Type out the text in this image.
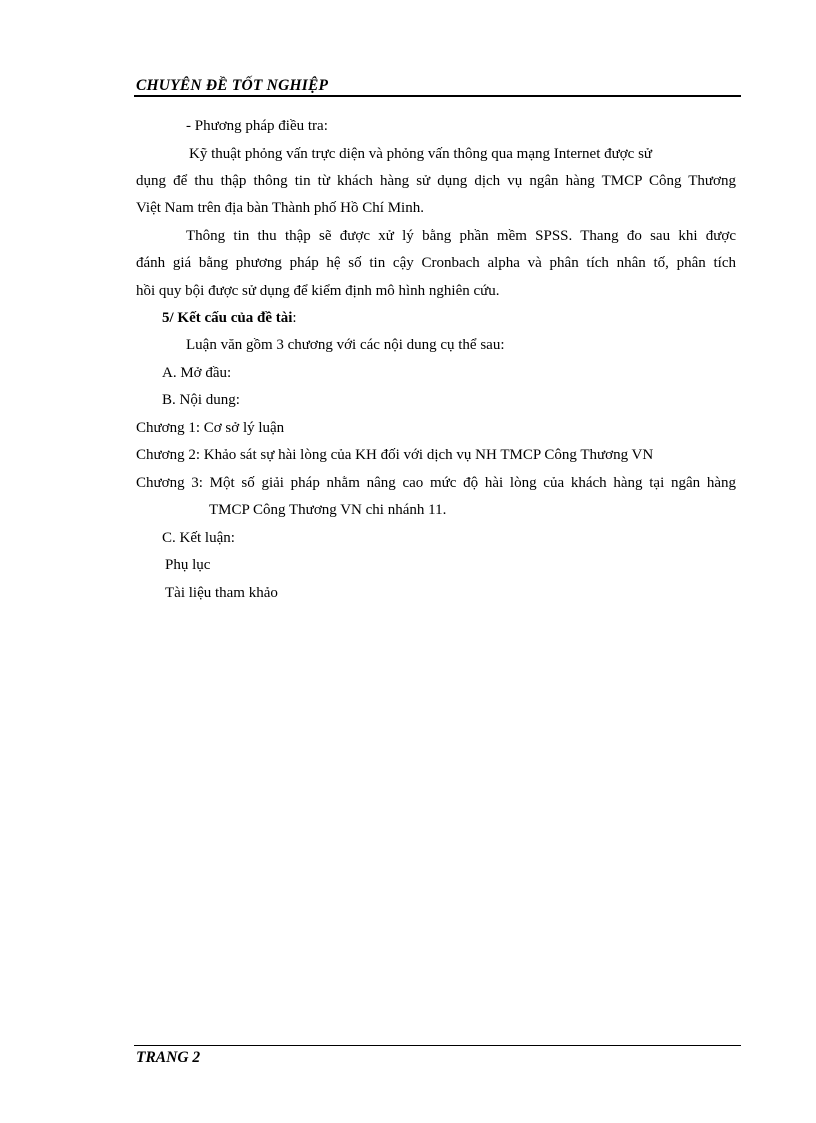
CHUYÊN ĐỀ TỐT NGHIỆP
- Phương pháp điều tra:
Kỹ thuật phỏng vấn trực diện và phỏng vấn thông qua mạng Internet được sử
dụng để thu thập thông tin từ khách hàng sử dụng dịch vụ ngân hàng TMCP Công Thương
Việt Nam trên địa bàn Thành phố Hồ Chí Minh.
Thông tin thu thập sẽ được xử lý bằng phần mềm SPSS. Thang đo sau khi được
đánh giá bằng phương pháp hệ số tin cậy Cronbach alpha và phân tích nhân tố, phân tích
hồi quy bội được sử dụng để kiểm định mô hình nghiên cứu.
5/ Kết cấu của đề tài:
Luận văn gồm 3 chương với các nội dung cụ thể sau:
A. Mở đầu:
B. Nội dung:
Chương 1: Cơ sở lý luận
Chương 2: Khảo sát sự hài lòng của KH đối với dịch vụ NH TMCP Công Thương VN
Chương 3: Một số giải pháp nhằm nâng cao mức độ hài lòng của khách hàng tại ngân hàng
TMCP Công Thương VN chi nhánh 11.
C. Kết luận:
Phụ lục
Tài liệu tham khảo
TRANG 2
